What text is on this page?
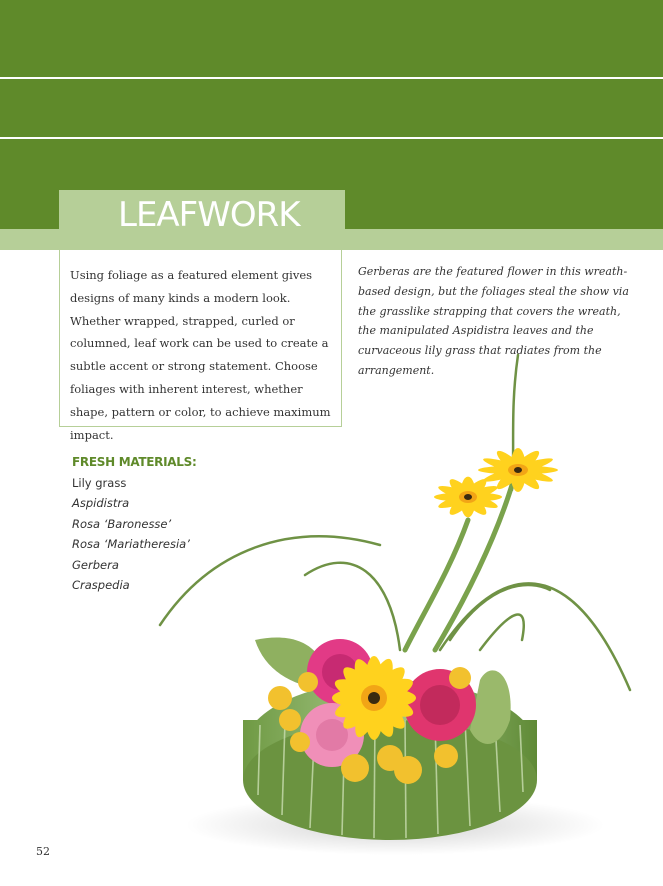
LEAFWORK

Using foliage as a featured element gives designs of many kinds a modern look. Whether wrapped, strapped, curled or columned, leaf work can be used to create a subtle accent or strong statement. Choose foliages with inherent interest, whether shape, pattern or color, to achieve maximum impact.

Gerberas are the featured flower in this wreath-based design, but the foliages steal the show via the grasslike strapping that covers the wreath, the manipulated Aspidistra leaves and the curvaceous lily grass that radiates from the arrangement.

FRESH MATERIALS:
Lily grass
Aspidistra
Rosa ‘Baronesse’
Rosa ‘Mariatheresia’
Gerbera
Craspedia
52
